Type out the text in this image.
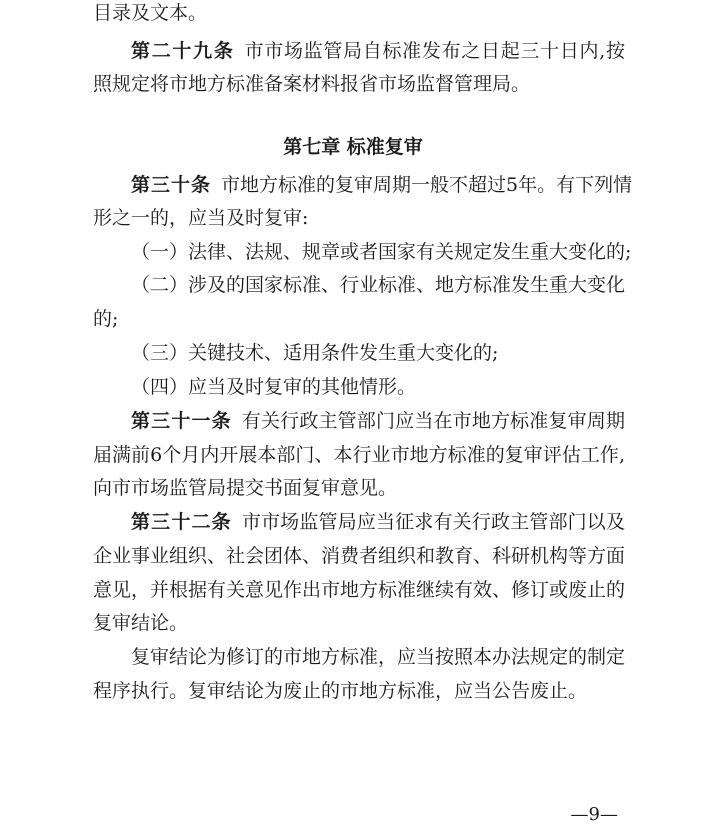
第七章 标准复审
目录及文本。
第二十九条 市市场监管局自标准发布之日起三十日内,按
照规定将市地方标准备案材料报省市场监督管理局。
第三十条 市地方标准的复审周期一般不超过5年。有下列情
形之一的，应当及时复审:
（一）法律、法规、规章或者国家有关规定发生重大变化的;
（二）涉及的国家标准、行业标准、地方标准发生重大变化
的;
（三）关键技术、适用条件发生重大变化的;
（四）应当及时复审的其他情形。
第三十一条 有关行政主管部门应当在市地方标准复审周期
届满前6个月内开展本部门、本行业市地方标准的复审评估工作,
向市市场监管局提交书面复审意见。
第三十二条 市市场监管局应当征求有关行政主管部门以及
企业事业组织、社会团体、消费者组织和教育、科研机构等方面
意见，并根据有关意见作出市地方标准继续有效、修订或废止的
复审结论。
复审结论为修订的市地方标准，应当按照本办法规定的制定
程序执行。复审结论为废止的市地方标准，应当公告废止。
—9—
